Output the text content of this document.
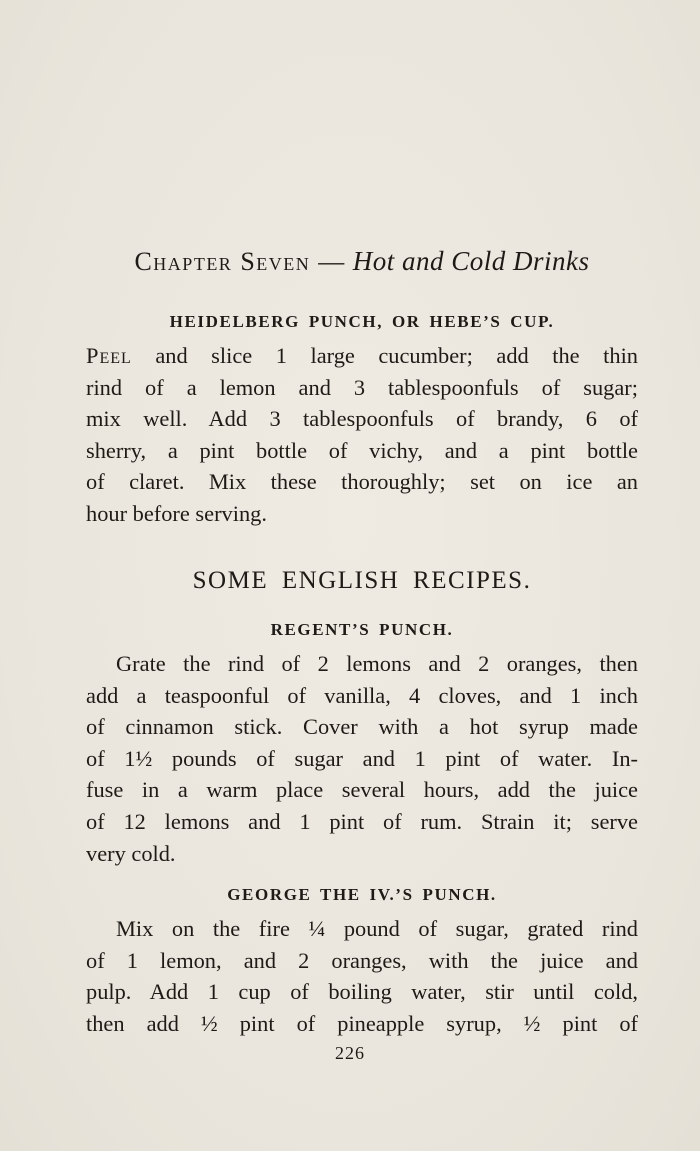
Chapter Seven — Hot and Cold Drinks
HEIDELBERG PUNCH, OR HEBE’S CUP.

Peel and slice 1 large cucumber; add the thin
rind of a lemon and 3 tablespoonfuls of sugar;
mix well. Add 3 tablespoonfuls of brandy, 6 of
sherry, a pint bottle of vichy, and a pint bottle
of claret. Mix these thoroughly; set on ice an
hour before serving.

SOME ENGLISH RECIPES.
REGENT’S PUNCH.

Grate the rind of 2 lemons and 2 oranges, then
add a teaspoonful of vanilla, 4 cloves, and 1 inch
of cinnamon stick. Cover with a hot syrup made
of 1½ pounds of sugar and 1 pint of water. In-
fuse in a warm place several hours, add the juice
of 12 lemons and 1 pint of rum. Strain it; serve
very cold.

GEORGE THE IV.’S PUNCH.

Mix on the fire ¼ pound of sugar, grated rind
of 1 lemon, and 2 oranges, with the juice and
pulp. Add 1 cup of boiling water, stir until cold,
then add ½ pint of pineapple syrup, ½ pint of

226
